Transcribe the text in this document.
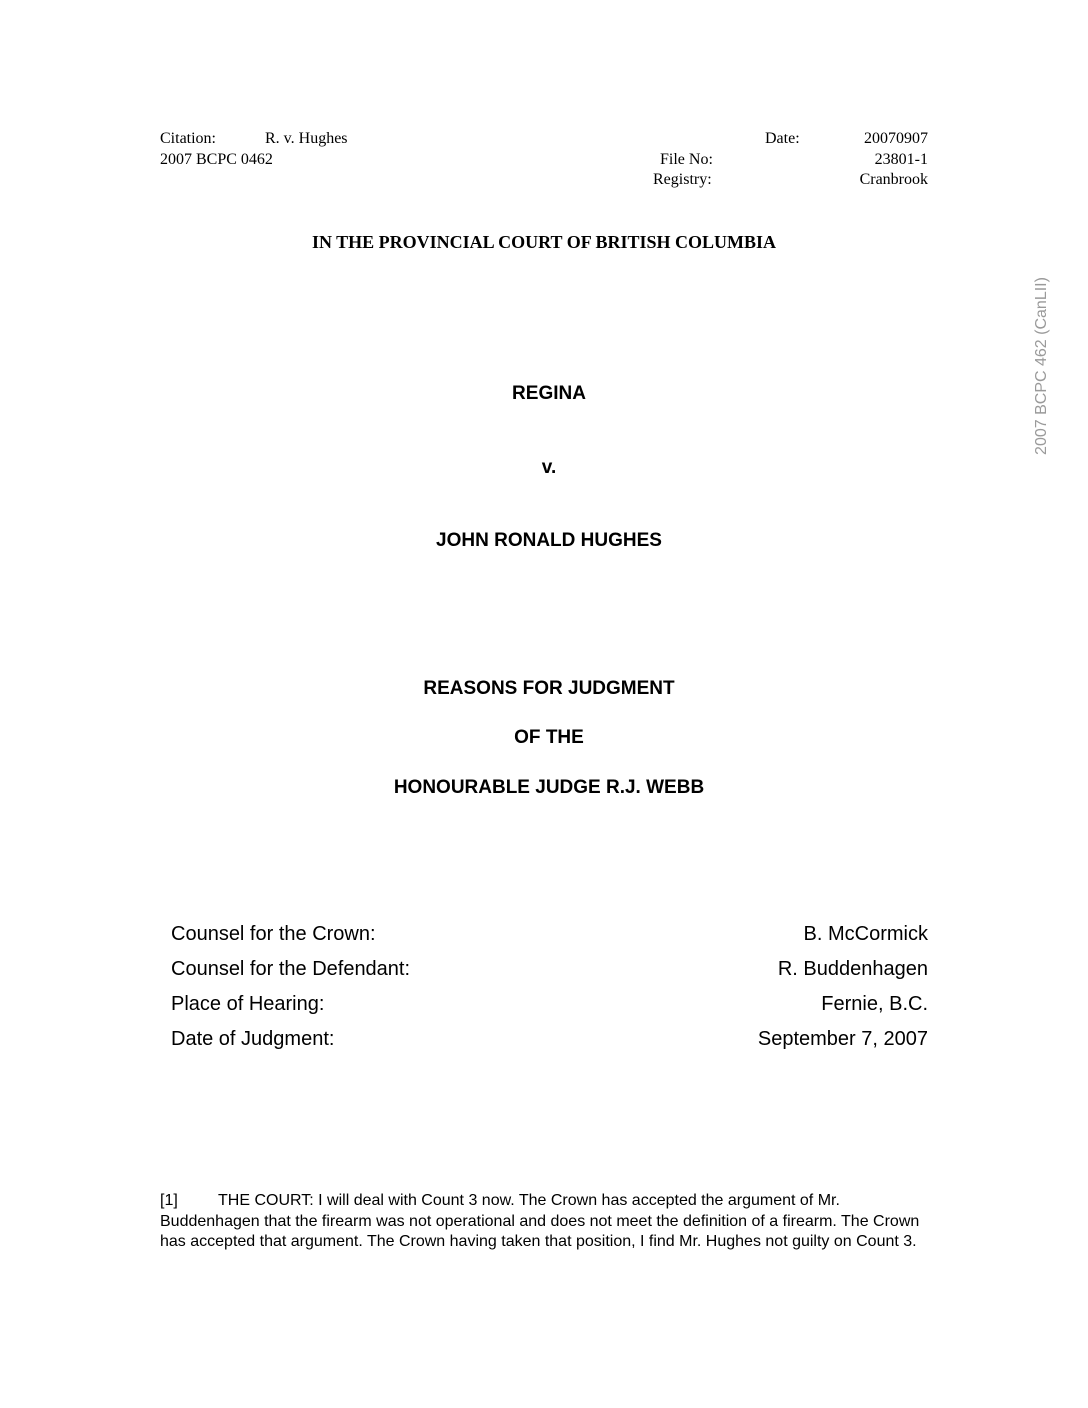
Citation:	R. v. Hughes
2007 BCPC 0462
Date:	20070907
File No:	23801-1
Registry:	Cranbrook
IN THE PROVINCIAL COURT OF BRITISH COLUMBIA
2007 BCPC 462 (CanLII)
REGINA
v.
JOHN RONALD HUGHES
REASONS FOR JUDGMENT
OF THE
HONOURABLE JUDGE R.J. WEBB
Counsel for the Crown:	B. McCormick
Counsel for the Defendant:	R. Buddenhagen
Place of Hearing:	Fernie, B.C.
Date of Judgment:	September 7, 2007
[1]	THE COURT: I will deal with Count 3 now. The Crown has accepted the argument of Mr. Buddenhagen that the firearm was not operational and does not meet the definition of a firearm. The Crown has accepted that argument. The Crown having taken that position, I find Mr. Hughes not guilty on Count 3.
